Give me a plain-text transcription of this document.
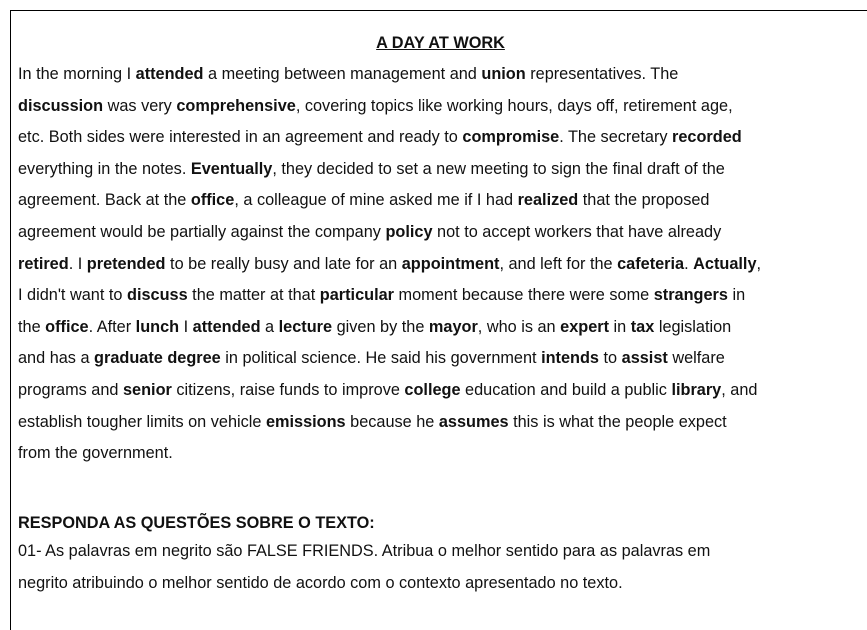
A DAY AT WORK

In the morning I attended a meeting between management and union representatives. The
discussion was very comprehensive, covering topics like working hours, days off, retirement age,
etc. Both sides were interested in an agreement and ready to compromise. The secretary recorded
everything in the notes. Eventually, they decided to set a new meeting to sign the final draft of the
agreement. Back at the office, a colleague of mine asked me if I had realized that the proposed
agreement would be partially against the company policy not to accept workers that have already
retired. I pretended to be really busy and late for an appointment, and left for the cafeteria. Actually,
I didn't want to discuss the matter at that particular moment because there were some strangers in
the office. After lunch I attended a lecture given by the mayor, who is an expert in tax legislation
and has a graduate degree in political science. He said his government intends to assist welfare
programs and senior citizens, raise funds to improve college education and build a public library, and
establish tougher limits on vehicle emissions because he assumes this is what the people expect
from the government.

RESPONDA AS QUESTÕES SOBRE O TEXTO:

01- As palavras em negrito são FALSE FRIENDS. Atribua o melhor sentido para as palavras em
negrito atribuindo o melhor sentido de acordo com o contexto apresentado no texto.
